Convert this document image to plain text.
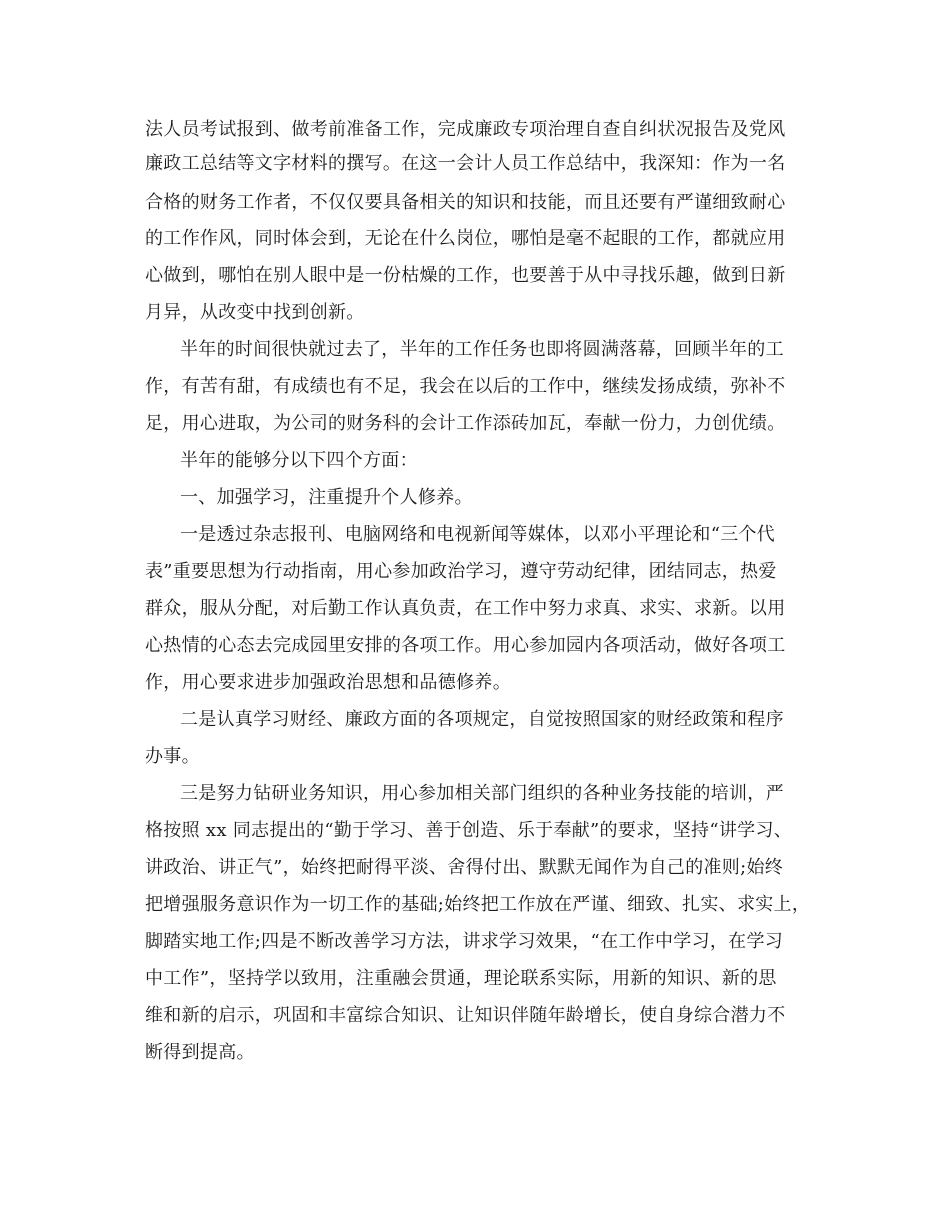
法人员考试报到、做考前准备工作，完成廉政专项治理自查自纠状况报告及党风
廉政工总结等文字材料的撰写。在这一会计人员工作总结中，我深知：作为一名
合格的财务工作者，不仅仅要具备相关的知识和技能，而且还要有严谨细致耐心
的工作作风，同时体会到，无论在什么岗位，哪怕是毫不起眼的工作，都就应用
心做到，哪怕在别人眼中是一份枯燥的工作，也要善于从中寻找乐趣，做到日新
月异，从改变中找到创新。
半年的时间很快就过去了，半年的工作任务也即将圆满落幕，回顾半年的工
作，有苦有甜，有成绩也有不足，我会在以后的工作中，继续发扬成绩，弥补不
足，用心进取，为公司的财务科的会计工作添砖加瓦，奉献一份力，力创优绩。
半年的能够分以下四个方面：
一、加强学习，注重提升个人修养。
一是透过杂志报刊、电脑网络和电视新闻等媒体，以邓小平理论和“三个代
表”重要思想为行动指南，用心参加政治学习，遵守劳动纪律，团结同志，热爱
群众，服从分配，对后勤工作认真负责，在工作中努力求真、求实、求新。以用
心热情的心态去完成园里安排的各项工作。用心参加园内各项活动，做好各项工
作，用心要求进步加强政治思想和品德修养。
二是认真学习财经、廉政方面的各项规定，自觉按照国家的财经政策和程序
办事。
三是努力钻研业务知识，用心参加相关部门组织的各种业务技能的培训，严
格按照 xx 同志提出的“勤于学习、善于创造、乐于奉献”的要求，坚持“讲学习、
讲政治、讲正气”，始终把耐得平淡、舍得付出、默默无闻作为自己的准则;始终
把增强服务意识作为一切工作的基础;始终把工作放在严谨、细致、扎实、求实上，
脚踏实地工作;四是不断改善学习方法，讲求学习效果，“在工作中学习，在学习
中工作”，坚持学以致用，注重融会贯通，理论联系实际，用新的知识、新的思
维和新的启示，巩固和丰富综合知识、让知识伴随年龄增长，使自身综合潜力不
断得到提高。
